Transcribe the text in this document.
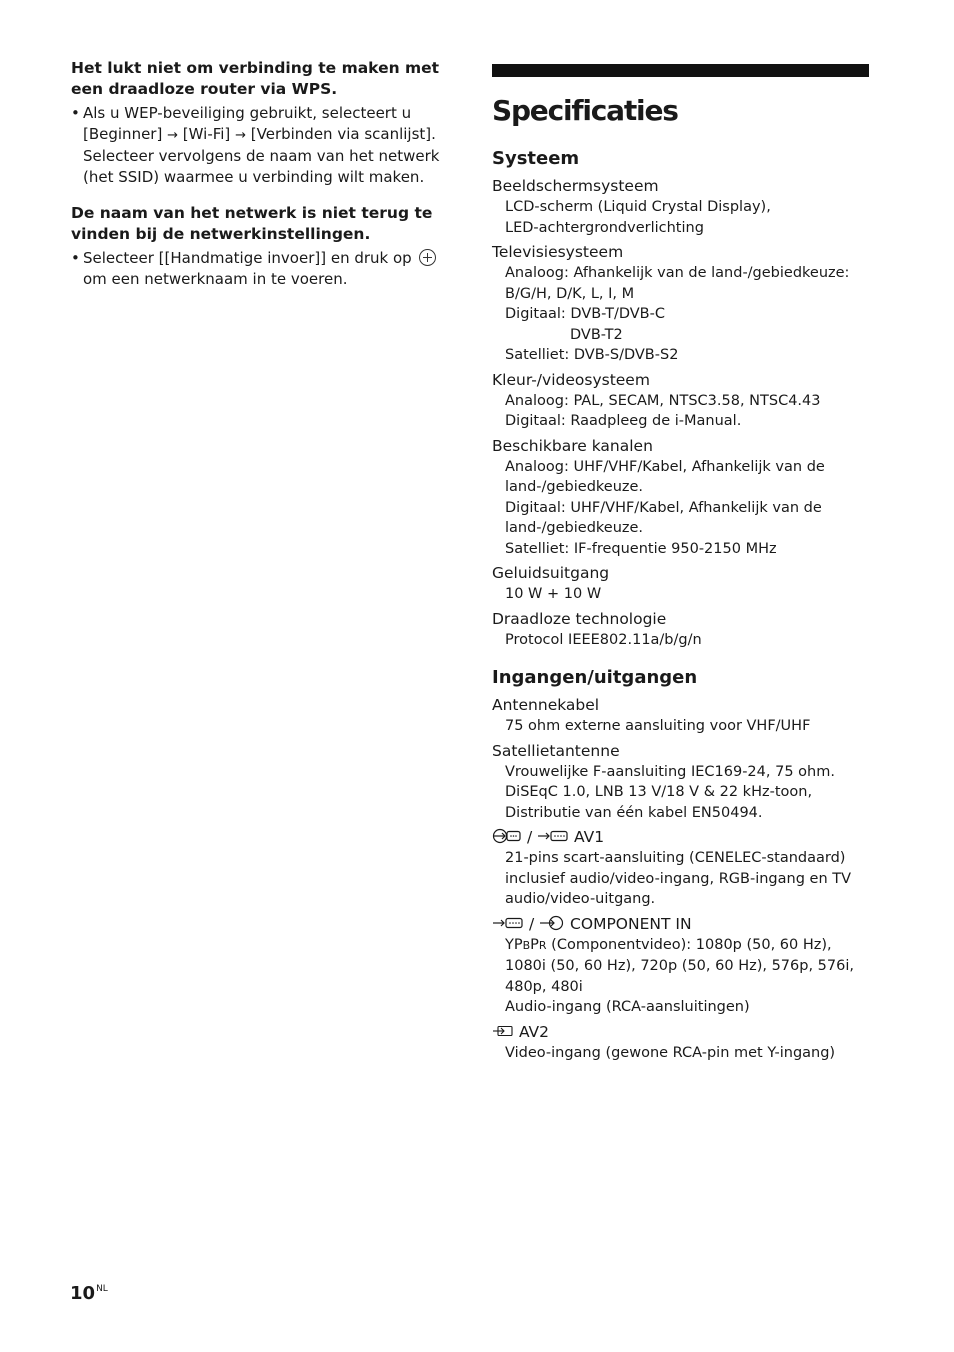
Het lukt niet om verbinding te maken met een draadloze router via WPS.

• Als u WEP-beveiliging gebruikt, selecteert u
[Beginner] → [Wi-Fi] → [Verbinden via scanlijst].
Selecteer vervolgens de naam van het netwerk (het SSID) waarmee u verbinding wilt maken.

De naam van het netwerk is niet terug te vinden bij de netwerkinstellingen.

• Selecteer [[Handmatige invoer]] en druk op
om een netwerknaam in te voeren.
Specificaties
Systeem

Beeldschermsysteem

LCD-scherm (Liquid Crystal Display),
LED-achtergrondverlichting

Televisiesysteem

Analoog: Afhankelijk van de land-/gebiedkeuze:
B/G/H, D/K, L, I, M
Digitaal: DVB-T/DVB-C
DVB-T2
Satelliet: DVB-S/DVB-S2

Kleur-/videosysteem

Analoog: PAL, SECAM, NTSC3.58, NTSC4.43
Digitaal: Raadpleeg de i-Manual.

Beschikbare kanalen

Analoog: UHF/VHF/Kabel, Afhankelijk van de
land-/gebiedkeuze.
Digitaal: UHF/VHF/Kabel, Afhankelijk van de
land-/gebiedkeuze.
Satelliet: IF-frequentie 950-2150 MHz

Geluidsuitgang

10 W + 10 W

Draadloze technologie

Protocol IEEE802.11a/b/g/n
Ingangen/uitgangen

Antennekabel

75 ohm externe aansluiting voor VHF/UHF

Satellietantenne

Vrouwelijke F-aansluiting IEC169-24, 75 ohm.
DiSEqC 1.0, LNB 13 V/18 V & 22 kHz-toon,
Distributie van één kabel EN50494.

/	AV1

21-pins scart-aansluiting (CENELEC-standaard)
inclusief audio/video-ingang, RGB-ingang en TV
audio/video-uitgang.

/ COMPONENT IN

YPBPR (Componentvideo): 1080p (50, 60 Hz),
1080i (50, 60 Hz), 720p (50, 60 Hz), 576p, 576i,
480p, 480i
Audio-ingang (RCA-aansluitingen)

AV2

Video-ingang (gewone RCA-pin met Y-ingang)
$10^{NL}$
